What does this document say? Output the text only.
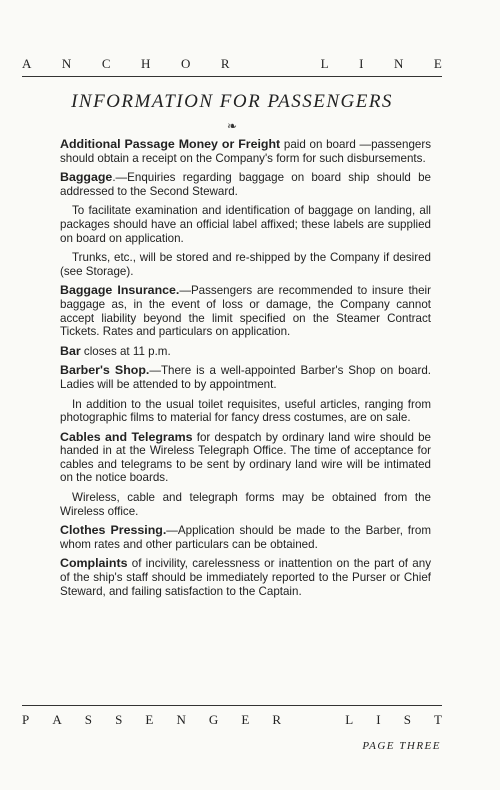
A N C H O R	L I N E
INFORMATION FOR PASSENGERS
❧

Additional Passage Money or Freight paid on board —passengers should obtain a receipt on the Company's form for such disbursements.

Baggage.—Enquiries regarding baggage on board ship should be addressed to the Second Steward.

To facilitate examination and identification of baggage on landing, all packages should have an official label affixed; these labels are supplied on board on application.

Trunks, etc., will be stored and re-shipped by the Company if desired (see Storage).

Baggage Insurance.—Passengers are recommended to insure their baggage as, in the event of loss or damage, the Company cannot accept liability beyond the limit specified on the Steamer Contract Tickets. Rates and particulars on application.

Bar closes at 11 p.m.

Barber's Shop.—There is a well-appointed Barber's Shop on board. Ladies will be attended to by appointment.

In addition to the usual toilet requisites, useful articles, ranging from photographic films to material for fancy dress costumes, are on sale.

Cables and Telegrams for despatch by ordinary land wire should be handed in at the Wireless Telegraph Office. The time of acceptance for cables and telegrams to be sent by ordinary land wire will be intimated on the notice boards.

Wireless, cable and telegraph forms may be obtained from the Wireless office.

Clothes Pressing.—Application should be made to the Barber, from whom rates and other particulars can be obtained.

Complaints of incivility, carelessness or inattention on the part of any of the ship's staff should be immediately reported to the Purser or Chief Steward, and failing satisfaction to the Captain.

P A S S E N G E R	L I S T
PAGE THREE
